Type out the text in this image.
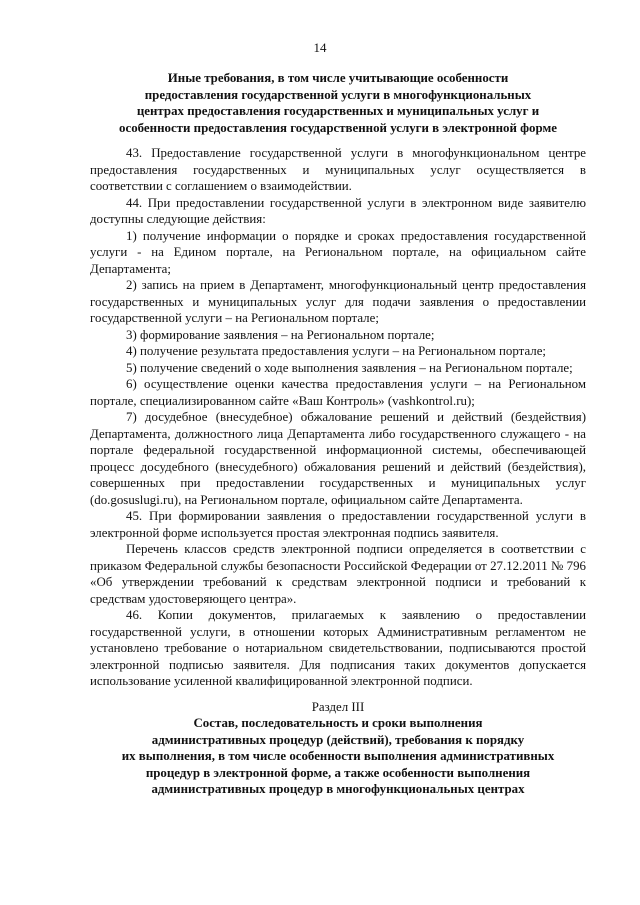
14
Иные требования, в том числе учитывающие особенности
предоставления государственной услуги в многофункциональных
центрах предоставления государственных и муниципальных услуг и
особенности предоставления государственной услуги в электронной форме

43. Предоставление государственной услуги в многофункциональном центре предоставления государственных и муниципальных услуг осуществляется в соответствии с соглашением о взаимодействии.

44. При предоставлении государственной услуги в электронном виде заявителю доступны следующие действия:

1) получение информации о порядке и сроках предоставления государственной услуги - на Едином портале, на Региональном портале, на официальном сайте Департамента;

2) запись на прием в Департамент, многофункциональный центр предоставления государственных и муниципальных услуг для подачи заявления о предоставлении государственной услуги – на Региональном портале;

3) формирование заявления – на Региональном портале;

4) получение результата предоставления услуги – на Региональном портале;

5) получение сведений о ходе выполнения заявления – на Региональном портале;

6) осуществление оценки качества предоставления услуги – на Региональном портале, специализированном сайте «Ваш Контроль» (vashkontrol.ru);

7) досудебное (внесудебное) обжалование решений и действий (бездействия) Департамента, должностного лица Департамента либо государственного служащего - на портале федеральной государственной информационной системы, обеспечивающей процесс досудебного (внесудебного) обжалования решений и действий (бездействия), совершенных при предоставлении государственных и муниципальных услуг (do.gosuslugi.ru), на Региональном портале, официальном сайте Департамента.

45. При формировании заявления о предоставлении государственной услуги в электронной форме используется простая электронная подпись заявителя.

Перечень классов средств электронной подписи определяется в соответствии с приказом Федеральной службы безопасности Российской Федерации от 27.12.2011 № 796 «Об утверждении требований к средствам электронной подписи и требований к средствам удостоверяющего центра».

46. Копии документов, прилагаемых к заявлению о предоставлении государственной услуги, в отношении которых Административным регламентом не установлено требование о нотариальном свидетельствовании, подписываются простой электронной подписью заявителя. Для подписания таких документов допускается использование усиленной квалифицированной электронной подписи.

Раздел III
Состав, последовательность и сроки выполнения
административных процедур (действий), требования к порядку
их выполнения, в том числе особенности выполнения административных
процедур в электронной форме, а также особенности выполнения
административных процедур в многофункциональных центрах
